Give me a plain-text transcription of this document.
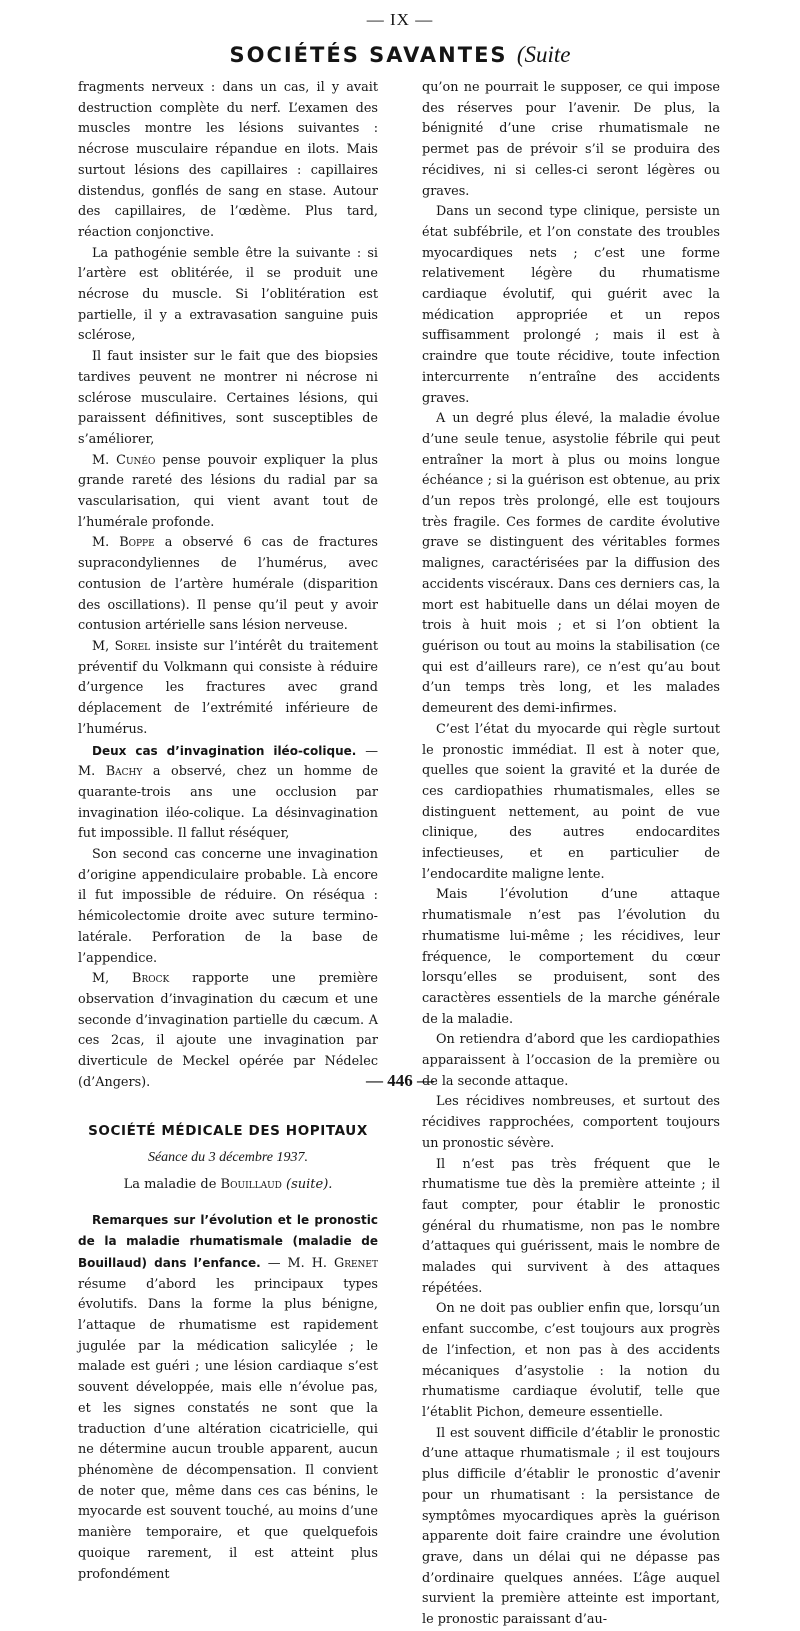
— IX —
SOCIÉTÉS SAVANTES (Suite

fragments nerveux : dans un cas, il y avait destruction complète du nerf. L’examen des muscles montre les lésions suivantes : nécrose musculaire répandue en ilots. Mais surtout lésions des capillaires : capillaires distendus, gonflés de sang en stase. Autour des capillaires, de l’œdème. Plus tard, réaction conjonctive.

La pathogénie semble être la suivante : si l’artère est oblitérée, il se produit une nécrose du muscle. Si l’oblitération est partielle, il y a extravasation sanguine puis sclérose,

Il faut insister sur le fait que des biopsies tardives peuvent ne montrer ni nécrose ni sclérose musculaire. Certaines lésions, qui paraissent définitives, sont susceptibles de s’améliorer,

M. Cunéo pense pouvoir expliquer la plus grande rareté des lésions du radial par sa vascularisation, qui vient avant tout de l’humérale profonde.

M. Boppe a observé 6 cas de fractures supracondyliennes de l’humérus, avec contusion de l’artère humérale (disparition des oscillations). Il pense qu’il peut y avoir contusion artérielle sans lésion nerveuse.

M, Sorel insiste sur l’intérêt du traitement préventif du Volkmann qui consiste à réduire d’urgence les fractures avec grand déplacement de l’extrémité inférieure de l’humérus.

Deux cas d’invagination iléo-colique. — M. Bachy a observé, chez un homme de quarante-trois ans une occlusion par invagination iléo-colique. La désinvagination fut impossible. Il fallut réséquer,

Son second cas concerne une invagination d’origine appendiculaire probable. Là encore il fut impossible de réduire. On réséqua : hémicolectomie droite avec suture termino-latérale. Perforation de la base de l’appendice.

M, Brock rapporte une première observation d’invagination du cæcum et une seconde d’invagination partielle du cæcum. A ces 2cas, il ajoute une invagination par diverticule de Meckel opérée par Nédelec (d’Angers).

SOCIÉTÉ MÉDICALE DES HOPITAUX
Séance du 3 décembre 1937.
La maladie de Bouillaud (suite).

Remarques sur l’évolution et le pronostic de la maladie rhumatismale (maladie de Bouillaud) dans l’enfance. — M. H. Grenet résume d’abord les principaux types évolutifs. Dans la forme la plus bénigne, l’attaque de rhumatisme est rapidement jugulée par la médication salicylée ; le malade est guéri ; une lésion cardiaque s’est souvent développée, mais elle n’évolue pas, et les signes constatés ne sont que la traduction d’une altération cicatricielle, qui ne détermine aucun trouble apparent, aucun phénomène de décompensation. Il convient de noter que, même dans ces cas bénins, le myocarde est souvent touché, au moins d’une manière temporaire, et que quelquefois quoique rarement, il est atteint plus profondément

qu’on ne pourrait le supposer, ce qui impose des réserves pour l’avenir. De plus, la bénignité d’une crise rhumatismale ne permet pas de prévoir s’il se produira des récidives, ni si celles-ci seront légères ou graves.

Dans un second type clinique, persiste un état subfébrile, et l’on constate des troubles myocardiques nets ; c’est une forme relativement légère du rhumatisme cardiaque évolutif, qui guérit avec la médication appropriée et un repos suffisamment prolongé ; mais il est à craindre que toute récidive, toute infection intercurrente n’entraîne des accidents graves.

A un degré plus élevé, la maladie évolue d’une seule tenue, asystolie fébrile qui peut entraîner la mort à plus ou moins longue échéance ; si la guérison est obtenue, au prix d’un repos très prolongé, elle est toujours très fragile. Ces formes de cardite évolutive grave se distinguent des véritables formes malignes, caractérisées par la diffusion des accidents viscéraux. Dans ces derniers cas, la mort est habituelle dans un délai moyen de trois à huit mois ; et si l’on obtient la guérison ou tout au moins la stabilisation (ce qui est d’ailleurs rare), ce n’est qu’au bout d’un temps très long, et les malades demeurent des demi-infirmes.

C’est l’état du myocarde qui règle surtout le pronostic immédiat. Il est à noter que, quelles que soient la gravité et la durée de ces cardiopathies rhumatismales, elles se distinguent nettement, au point de vue clinique, des autres endocardites infectieuses, et en particulier de l’endocardite maligne lente.

Mais l’évolution d’une attaque rhumatismale n’est pas l’évolution du rhumatisme lui-même ; les récidives, leur fréquence, le comportement du cœur lorsqu’elles se produisent, sont des caractères essentiels de la marche générale de la maladie.

On retiendra d’abord que les cardiopathies apparaissent à l’occasion de la première ou de la seconde attaque.

Les récidives nombreuses, et surtout des récidives rapprochées, comportent toujours un pronostic sévère.

Il n’est pas très fréquent que le rhumatisme tue dès la première atteinte ; il faut compter, pour établir le pronostic général du rhumatisme, non pas le nombre d’attaques qui guérissent, mais le nombre de malades qui survivent à des attaques répétées.

On ne doit pas oublier enfin que, lorsqu’un enfant succombe, c’est toujours aux progrès de l’infection, et non pas à des accidents mécaniques d’asystolie : la notion du rhumatisme cardiaque évolutif, telle que l’établit Pichon, demeure essentielle.

Il est souvent difficile d’établir le pronostic d’une attaque rhumatismale ; il est toujours plus difficile d’établir le pronostic d’avenir pour un rhumatisant : la persistance de symptômes myocardiques après la guérison apparente doit faire craindre une évolution grave, dans un délai qui ne dépasse pas d’ordinaire quelques années. L’âge auquel survient la première atteinte est important, le pronostic paraissant d’au-

— 446 —
